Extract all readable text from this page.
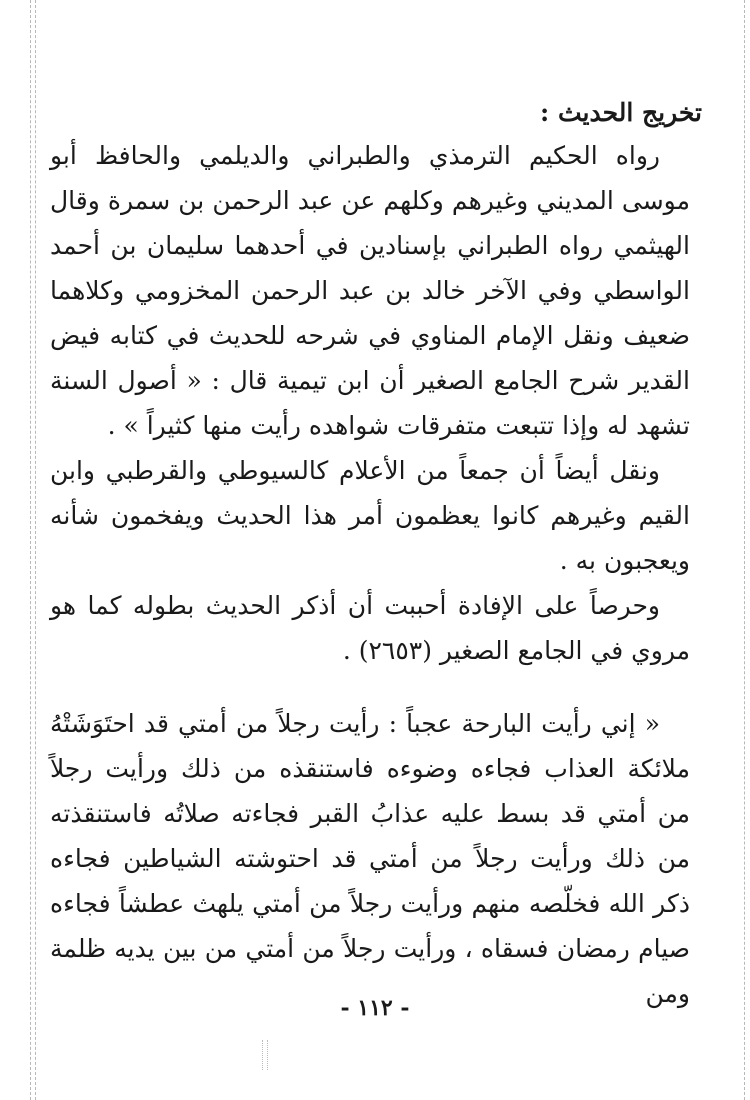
تخريج الحديث :

رواه الحكيم الترمذي والطبراني والديلمي والحافظ أبو موسى المديني وغيرهم وكلهم عن عبد الرحمن بن سمرة وقال الهيثمي رواه الطبراني بإسنادين في أحدهما سليمان بن أحمد الواسطي وفي الآخر خالد بن عبد الرحمن المخزومي وكلاهما ضعيف ونقل الإمام المناوي في شرحه للحديث في كتابه فيض القدير شرح الجامع الصغير أن ابن تيمية قال : « أصول السنة تشهد له وإذا تتبعت متفرقات شواهده رأيت منها كثيراً » .

ونقل أيضاً أن جمعاً من الأعلام كالسيوطي والقرطبي وابن القيم وغيرهم كانوا يعظمون أمر هذا الحديث ويفخمون شأنه ويعجبون به .

وحرصاً على الإفادة أحببت أن أذكر الحديث بطوله كما هو مروي في الجامع الصغير (٢٦٥٣) .

« إني رأيت البارحة عجباً : رأيت رجلاً من أمتي قد احتَوَشَتْهُ ملائكة العذاب فجاءه وضوءه فاستنقذه من ذلك ورأيت رجلاً من أمتي قد بسط عليه عذابُ القبر فجاءته صلاتُه فاستنقذته من ذلك ورأيت رجلاً من أمتي قد احتوشته الشياطين فجاءه ذكر الله فخلّصه منهم ورأيت رجلاً من أمتي يلهث عطشاً فجاءه صيام رمضان فسقاه ، ورأيت رجلاً من أمتي من بين يديه ظلمة ومن

- ١١٢ -
